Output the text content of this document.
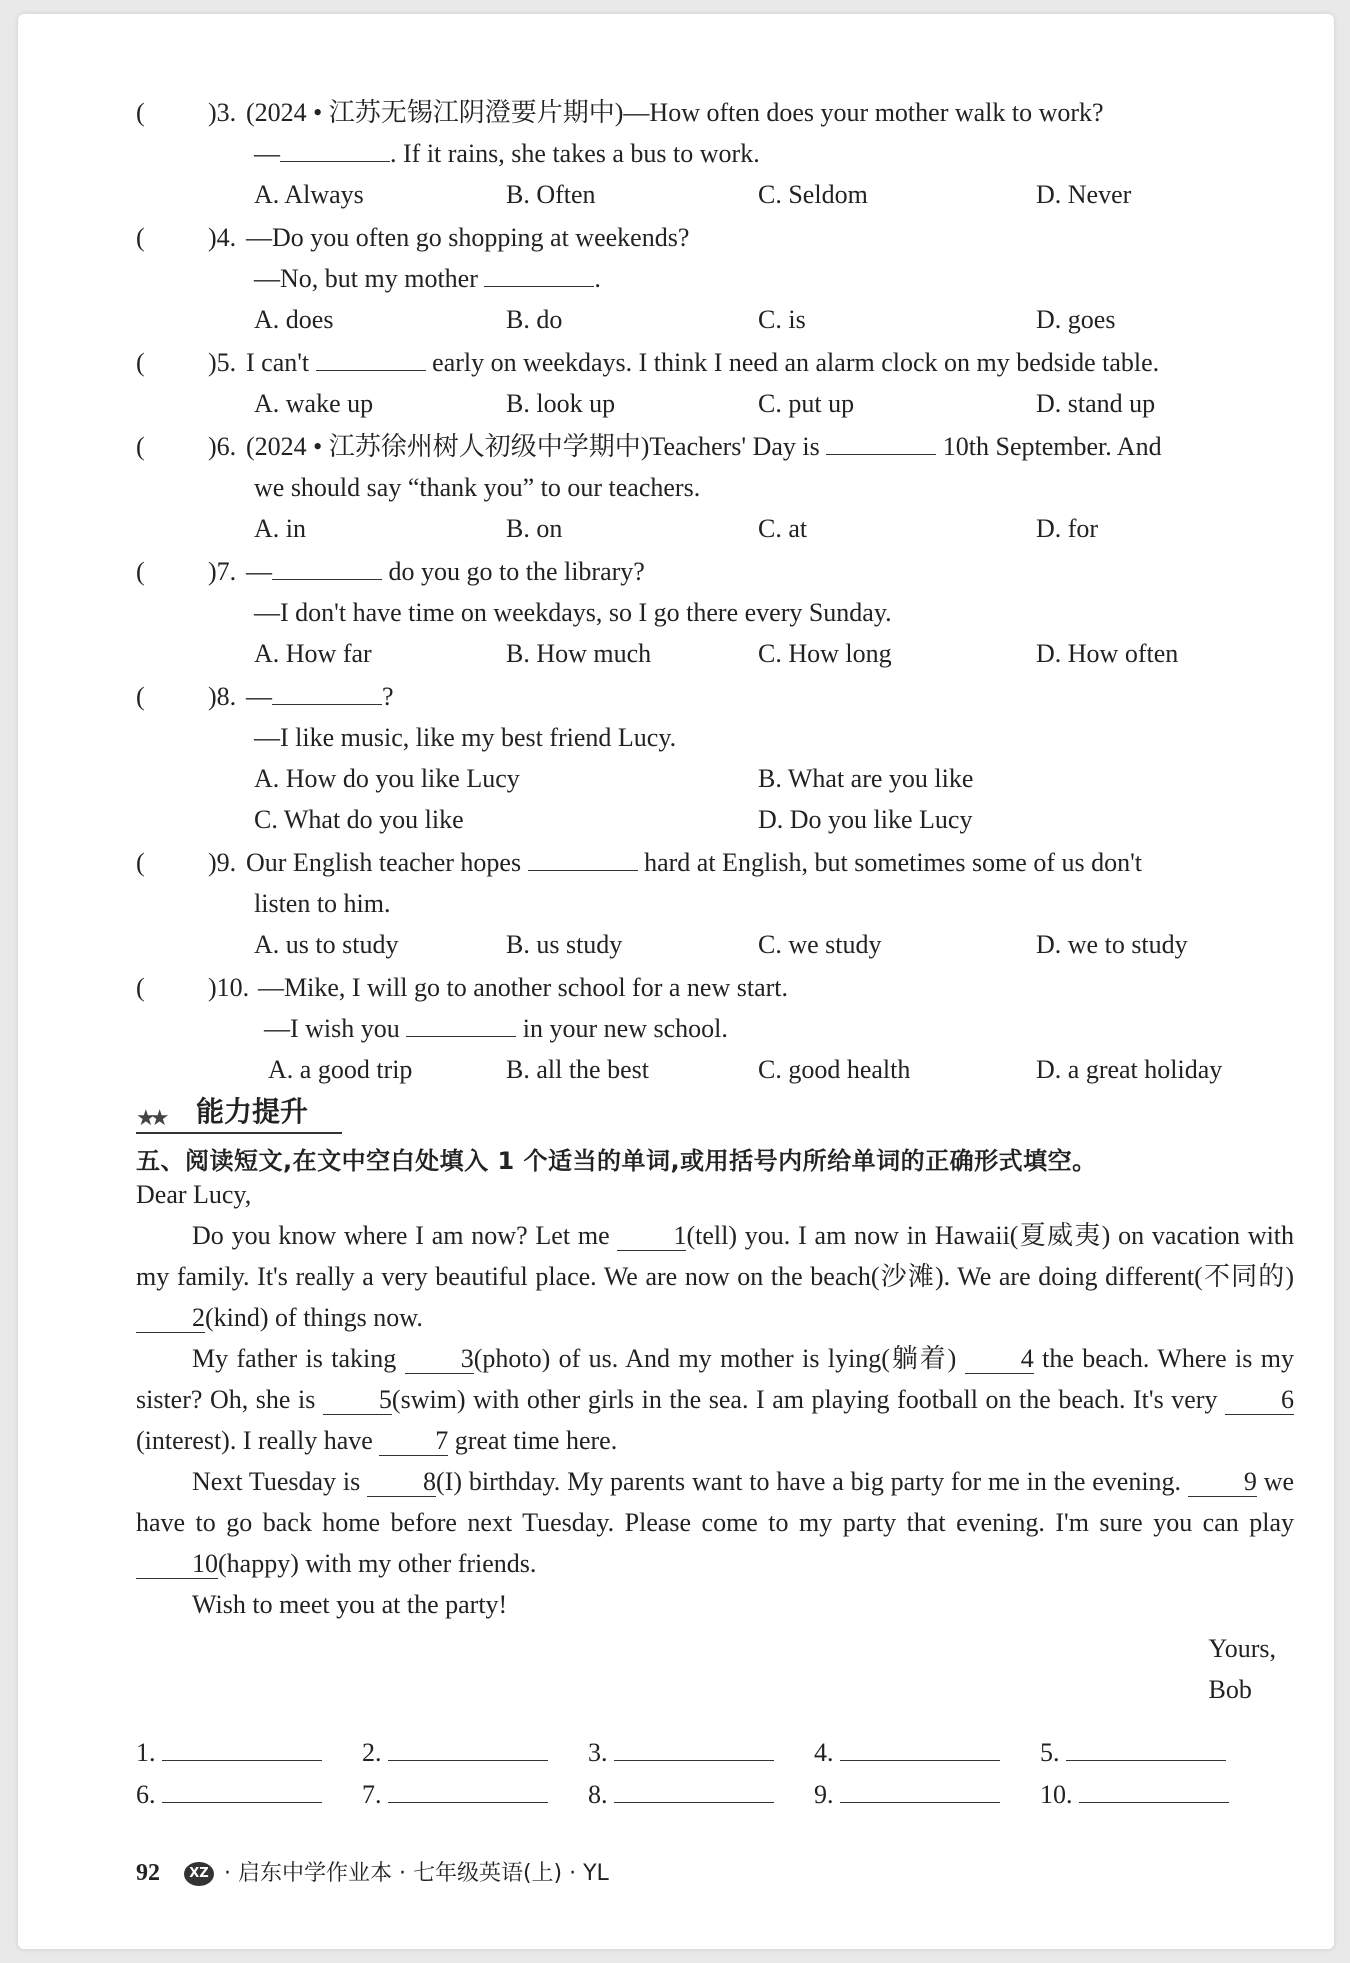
(	)3. (2024 • 江苏无锡江阴澄要片期中)—How often does your mother walk to work?
—	. If it rains, she takes a bus to work.
A. Always	B. Often	C. Seldom	D. Never
(	)4. —Do you often go shopping at weekends?
—No, but my mother	.
A. does	B. do	C. is	D. goes
(	)5. I can't	early on weekdays. I think I need an alarm clock on my bedside table.
A. wake up	B. look up	C. put up	D. stand up
(	)6. (2024 • 江苏徐州树人初级中学期中)Teachers' Day is	10th September. And
we should say “thank you” to our teachers.
A. in	B. on	C. at	D. for
(	)7. —	do you go to the library?
—I don't have time on weekdays, so I go there every Sunday.
A. How far	B. How much	C. How long	D. How often
(	)8. —	?
—I like music, like my best friend Lucy.
A. How do you like Lucy	B. What are you like
C. What do you like	D. Do you like Lucy
(	)9. Our English teacher hopes	hard at English, but sometimes some of us don't
listen to him.
A. us to study	B. us study	C. we study	D. we to study
(	)10. —Mike, I will go to another school for a new start.
—I wish you	in your new school.
A. a good trip	B. all the best	C. good health	D. a great holiday
★★ 能力提升
五、阅读短文,在文中空白处填入 1 个适当的单词,或用括号内所给单词的正确形式填空。

Dear Lucy,

Do you know where I am now? Let me 1(tell) you. I am now in Hawaii(夏威夷) on vacation with my family. It's really a very beautiful place. We are now on the beach(沙滩). We are doing different(不同的)2(kind) of things now.

My father is taking 3(photo) of us. And my mother is lying(躺着) 4 the beach. Where is my sister? Oh, she is 5(swim) with other girls in the sea. I am playing football on the beach. It's very 6(interest). I really have 7 great time here.

Next Tuesday is 8(I) birthday. My parents want to have a big party for me in the evening. 9 we have to go back home before next Tuesday. Please come to my party that evening. I'm sure you can play 10(happy) with my other friends.

Wish to meet you at the party!

Yours,
Bob
1.	2.	3.	4.	5.
6.	7.	8.	9.	10.
92 XZ · 启东中学作业本 · 七年级英语(上) · YL
